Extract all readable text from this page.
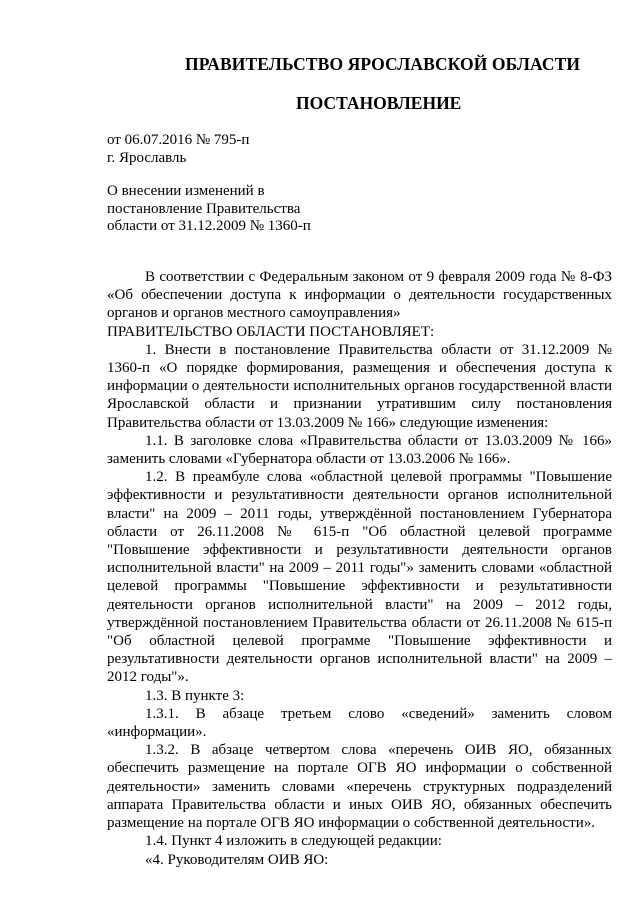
ПРАВИТЕЛЬСТВО ЯРОСЛАВСКОЙ ОБЛАСТИ
ПОСТАНОВЛЕНИЕ
от 06.07.2016 № 795-п
г. Ярославль
О внесении изменений в
постановление Правительства
области от 31.12.2009 № 1360-п

В соответствии с Федеральным законом от 9 февраля 2009 года № 8-ФЗ «Об обеспечении доступа к информации о деятельности государственных органов и органов местного самоуправления»

ПРАВИТЕЛЬСТВО ОБЛАСТИ ПОСТАНОВЛЯЕТ:

1. Внести в постановление Правительства области от 31.12.2009 № 1360-п «О порядке формирования, размещения и обеспечения доступа к информации о деятельности исполнительных органов государственной власти Ярославской области и признании утратившим силу постановления Правительства области от 13.03.2009 № 166» следующие изменения:

1.1. В заголовке слова «Правительства области от 13.03.2009 № 166» заменить словами «Губернатора области от 13.03.2006 № 166».

1.2. В преамбуле слова «областной целевой программы "Повышение эффективности и результативности деятельности органов исполнительной власти" на 2009 – 2011 годы, утверждённой постановлением Губернатора области от 26.11.2008 № 615-п "Об областной целевой программе "Повышение эффективности и результативности деятельности органов исполнительной власти" на 2009 – 2011 годы"» заменить словами «областной целевой программы "Повышение эффективности и результативности деятельности органов исполнительной власти" на 2009 – 2012 годы, утверждённой постановлением Правительства области от 26.11.2008 № 615-п "Об областной целевой программе "Повышение эффективности и результативности деятельности органов исполнительной власти" на 2009 – 2012 годы"».

1.3. В пункте 3:

1.3.1. В абзаце третьем слово «сведений» заменить словом «информации».

1.3.2. В абзаце четвертом слова «перечень ОИВ ЯО, обязанных обеспечить размещение на портале ОГВ ЯО информации о собственной деятельности» заменить словами «перечень структурных подразделений аппарата Правительства области и иных ОИВ ЯО, обязанных обеспечить размещение на портале ОГВ ЯО информации о собственной деятельности».

1.4. Пункт 4 изложить в следующей редакции:

«4. Руководителям ОИВ ЯО:
